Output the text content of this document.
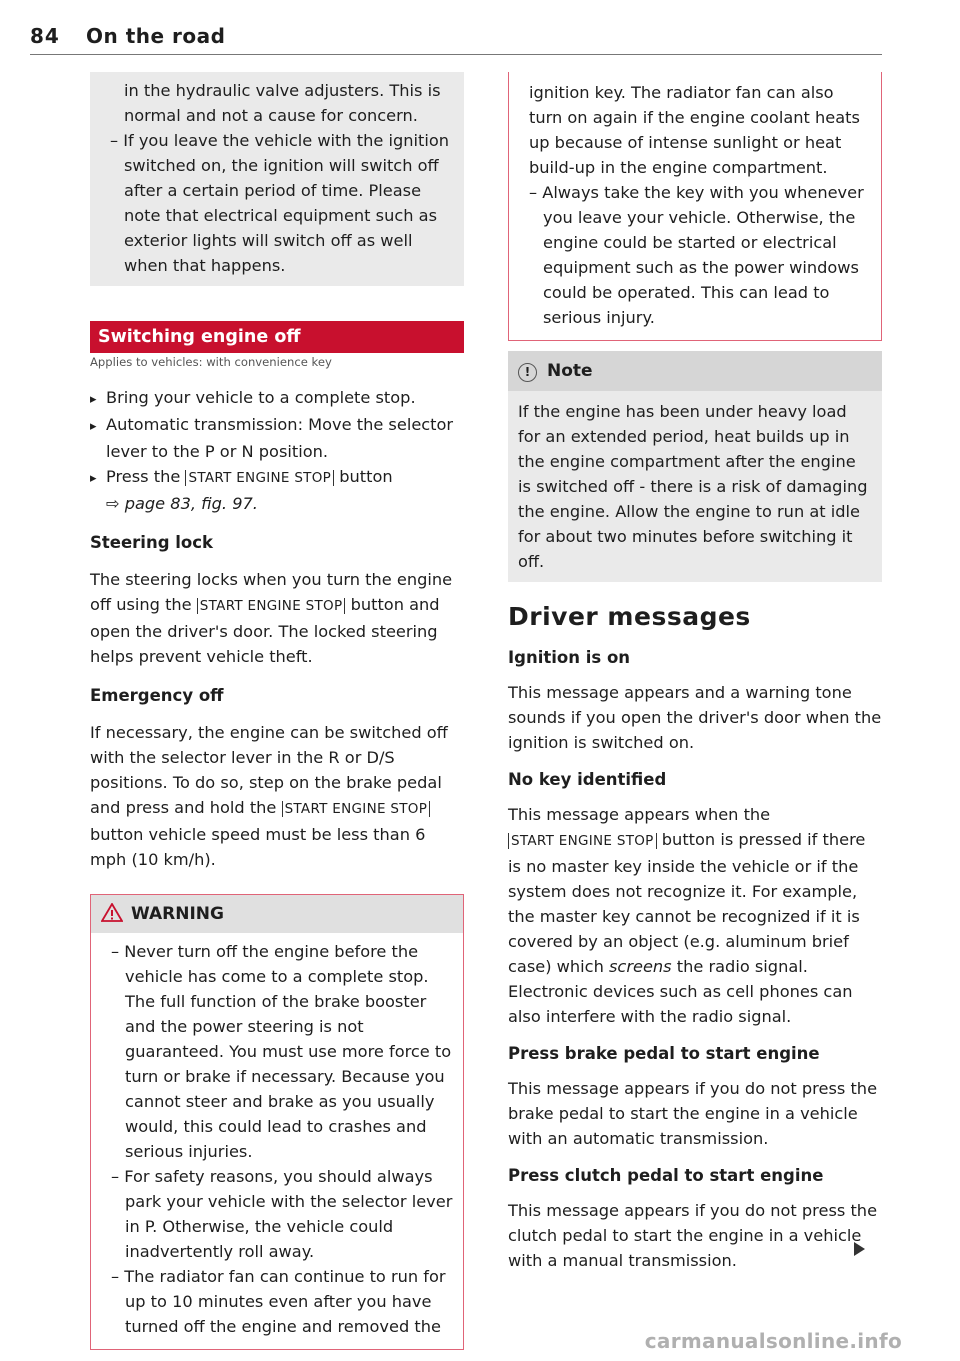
84 On the road

in the hydraulic valve adjusters. This is normal and not a cause for concern.

– If you leave the vehicle with the ignition switched on, the ignition will switch off after a certain period of time. Please note that electrical equipment such as exterior lights will switch off as well when that happens.

Switching engine off
Applies to vehicles: with convenience key

▸ Bring your vehicle to a complete stop.

▸ Automatic transmission: Move the selector lever to the P or N position.

▸ Press the START ENGINE STOP button
⇨ page 83, fig. 97.

Steering lock

The steering locks when you turn the engine off using the START ENGINE STOP button and open the driver's door. The locked steering helps prevent vehicle theft.

Emergency off

If necessary, the engine can be switched off with the selector lever in the R or D/S positions. To do so, step on the brake pedal and press and hold the START ENGINE STOP button vehicle speed must be less than 6 mph (10 km/h).

WARNING

– Never turn off the engine before the vehicle has come to a complete stop. The full function of the brake booster and the power steering is not guaranteed. You must use more force to turn or brake if necessary. Because you cannot steer and brake as you usually would, this could lead to crashes and serious injuries.

– For safety reasons, you should always park your vehicle with the selector lever in P. Otherwise, the vehicle could inadvertently roll away.

– The radiator fan can continue to run for up to 10 minutes even after you have turned off the engine and removed the

ignition key. The radiator fan can also turn on again if the engine coolant heats up because of intense sunlight or heat build-up in the engine compartment.

– Always take the key with you whenever you leave your vehicle. Otherwise, the engine could be started or electrical equipment such as the power windows could be operated. This can lead to serious injury.

! Note

If the engine has been under heavy load for an extended period, heat builds up in the engine compartment after the engine is switched off - there is a risk of damaging the engine. Allow the engine to run at idle for about two minutes before switching it off.

Driver messages

Ignition is on

This message appears and a warning tone sounds if you open the driver's door when the ignition is switched on.

No key identified

This message appears when the
START ENGINE STOP button is pressed if there is no master key inside the vehicle or if the system does not recognize it. For example, the master key cannot be recognized if it is covered by an object (e.g. aluminum brief case) which screens the radio signal. Electronic devices such as cell phones can also interfere with the radio signal.

Press brake pedal to start engine

This message appears if you do not press the brake pedal to start the engine in a vehicle with an automatic transmission.

Press clutch pedal to start engine

This message appears if you do not press the clutch pedal to start the engine in a vehicle with a manual transmission.

carmanualsonline.info
